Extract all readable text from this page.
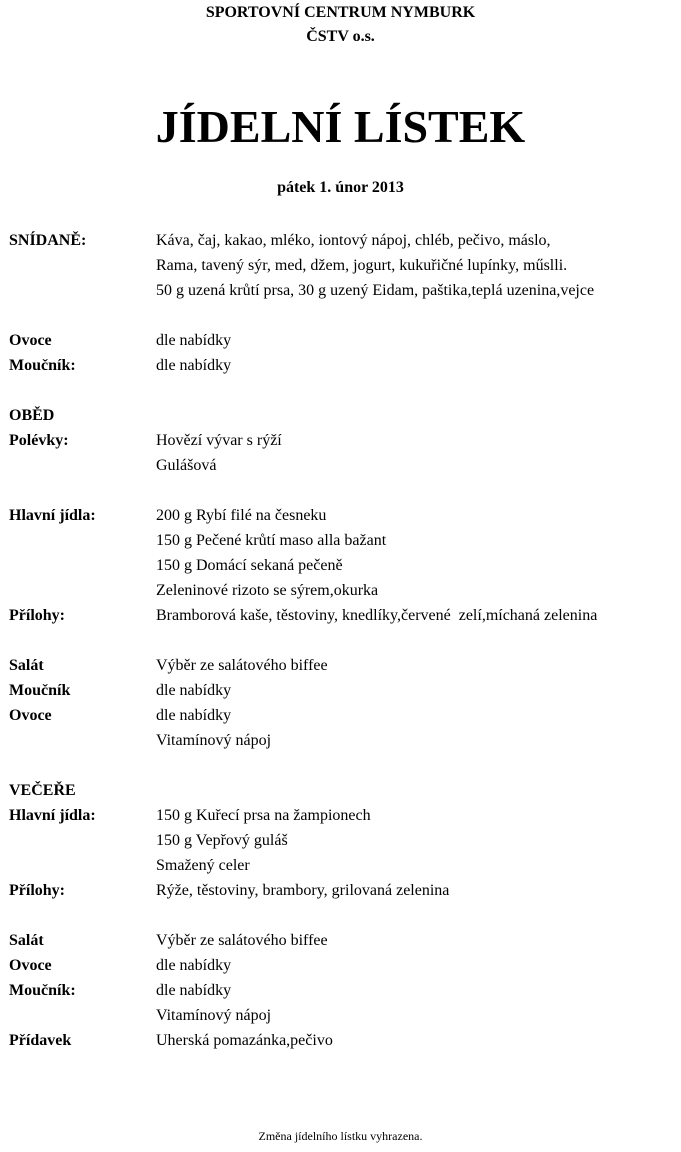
SPORTOVNÍ CENTRUM NYMBURK
ČSTV o.s.
JÍDELNÍ LÍSTEK
pátek 1. únor 2013
SNÍDANĚ:	Káva, čaj, kakao, mléko, iontový nápoj, chléb, pečivo, máslo,
Rama, tavený sýr, med, džem, jogurt, kukuřičné lupínky, műslli.
50 g uzená krůtí prsa, 30 g uzený Eidam, paštika,teplá uzenina,vejce
Ovoce	dle nabídky
Moučník:	dle nabídky
OBĚD
Polévky:	Hovězí vývar s rýží
Gulášová
Hlavní jídla:	200 g Rybí filé na česneku
150 g Pečené krůtí maso alla bažant
150 g Domácí sekaná pečeně
Zeleninové rizoto se sýrem,okurka
Přílohy:	Bramborová kaše, těstoviny, knedlíky,červené  zelí,míchaná zelenina
Salát	Výběr ze salátového biffee
Moučník	dle nabídky
Ovoce	dle nabídky
Vitamínový nápoj
VEČEŘE
Hlavní jídla:	150 g Kuřecí prsa na žampionech
150 g Vepřový guláš
Smažený celer
Přílohy:	Rýže, těstoviny, brambory, grilovaná zelenina
Salát	Výběr ze salátového biffee
Ovoce	dle nabídky
Moučník:	dle nabídky
Vitamínový nápoj
Přídavek	Uherská pomazánka,pečivo
Změna jídelního lístku vyhrazena.
